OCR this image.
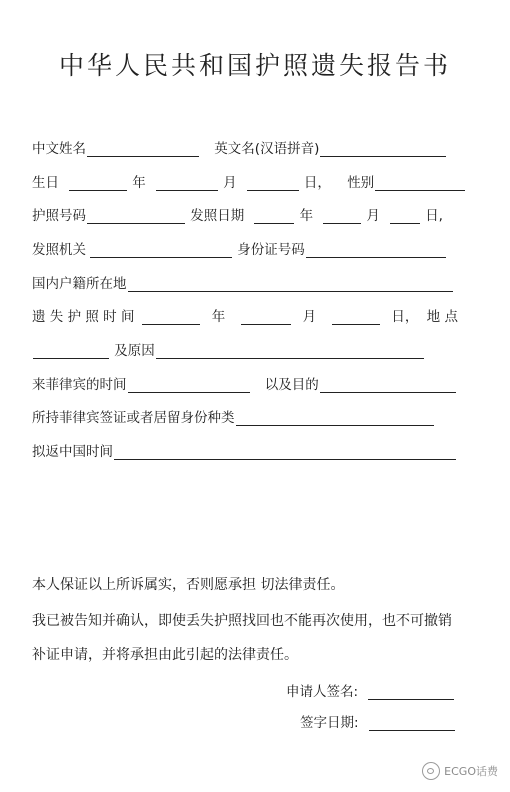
中华人民共和国护照遗失报告书
中文姓名	英文名(汉语拼音)
生日	年	月	日， 性别
护照号码	发照日期	年	月	日,
发照机关	身份证号码
国内户籍所在地
遗 失 护 照 时 间	年	月	日， 地 点
及原因
来菲律宾的时间	以及目的
所持菲律宾签证或者居留身份种类
拟返中国时间
本人保证以上所诉属实，否则愿承担 切法律责任。
我已被告知并确认，即使丢失护照找回也不能再次使用，也不可撤销
补证申请，并将承担由此引起的法律责任。
申请人签名:
签字日期:
ECGO话费
